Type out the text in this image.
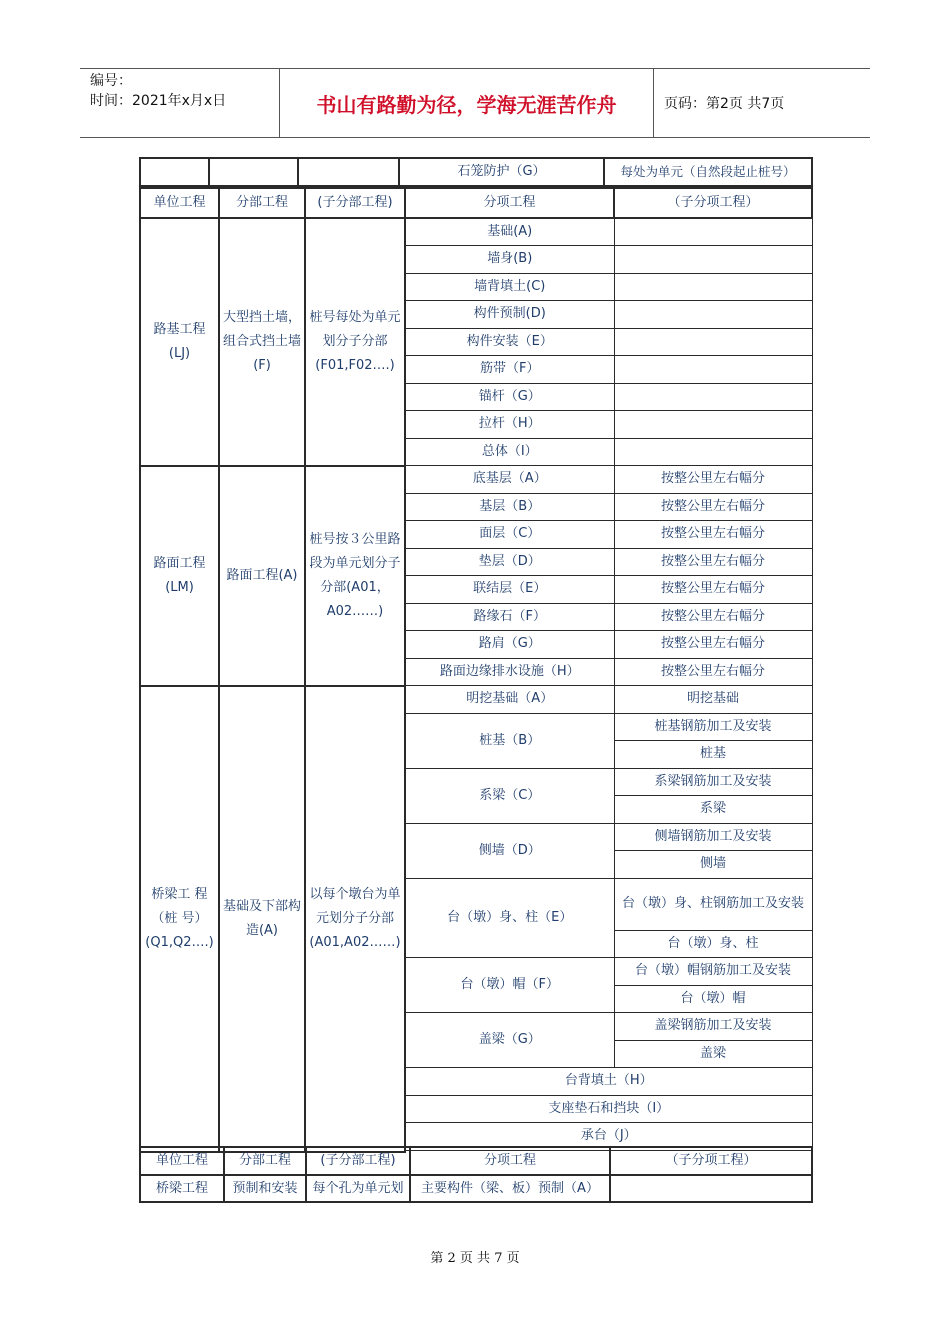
编号：
时间：2021年x月x日	书山有路勤为径，学海无涯苦作舟	页码：第2页 共7页
			石笼防护（G）	每处为单元（自然段起止桩号）
单位工程	分部工程	(子分部工程)	分项工程	（子分项工程）
路基工程(LJ)	大型挡土墙，组合式挡土墙(F)	桩号每处为单元划分子分部(F01,F02….)	基础(A)	
			墙身(B)	
			墙背填土(C)	
			构件预制(D)	
			构件安装（E）	
			筋带（F）	
			锚杆（G）	
			拉杆（H）	
			总体（I）	
路面工程(LM)	路面工程(A)	桩号按３公里路段为单元划分子分部(A01，A02……)	底基层（A）	按整公里左右幅分
			基层（B）	按整公里左右幅分
			面层（C）	按整公里左右幅分
			垫层（D）	按整公里左右幅分
			联结层（E）	按整公里左右幅分
			路缘石（F）	按整公里左右幅分
			路肩（G）	按整公里左右幅分
			路面边缘排水设施（H）	按整公里左右幅分
桥梁工 程（桩 号）(Q1,Q2….)	基础及下部构造(A)	以每个墩台为单元划分子分部(A01,A02……)	明挖基础（A）	明挖基础
			桩基（B）	桩基钢筋加工及安装
				桩基
			系梁（C）	系梁钢筋加工及安装
				系梁
			侧墙（D）	侧墙钢筋加工及安装
				侧墙
			台（墩）身、柱（E）	台（墩）身、柱钢筋加工及安装
				台（墩）身、柱
			台（墩）帽（F）	台（墩）帽钢筋加工及安装
				台（墩）帽
			盖梁（G）	盖梁钢筋加工及安装
				盖梁
			台背填土（H）	
			支座垫石和挡块（I）	
			承台（J）	

单位工程	分部工程	(子分部工程)	分项工程	（子分项工程）
桥梁工程	预制和安装	每个孔为单元划	主要构件（梁、板）预制（A）	
第 2 页 共 7 页
